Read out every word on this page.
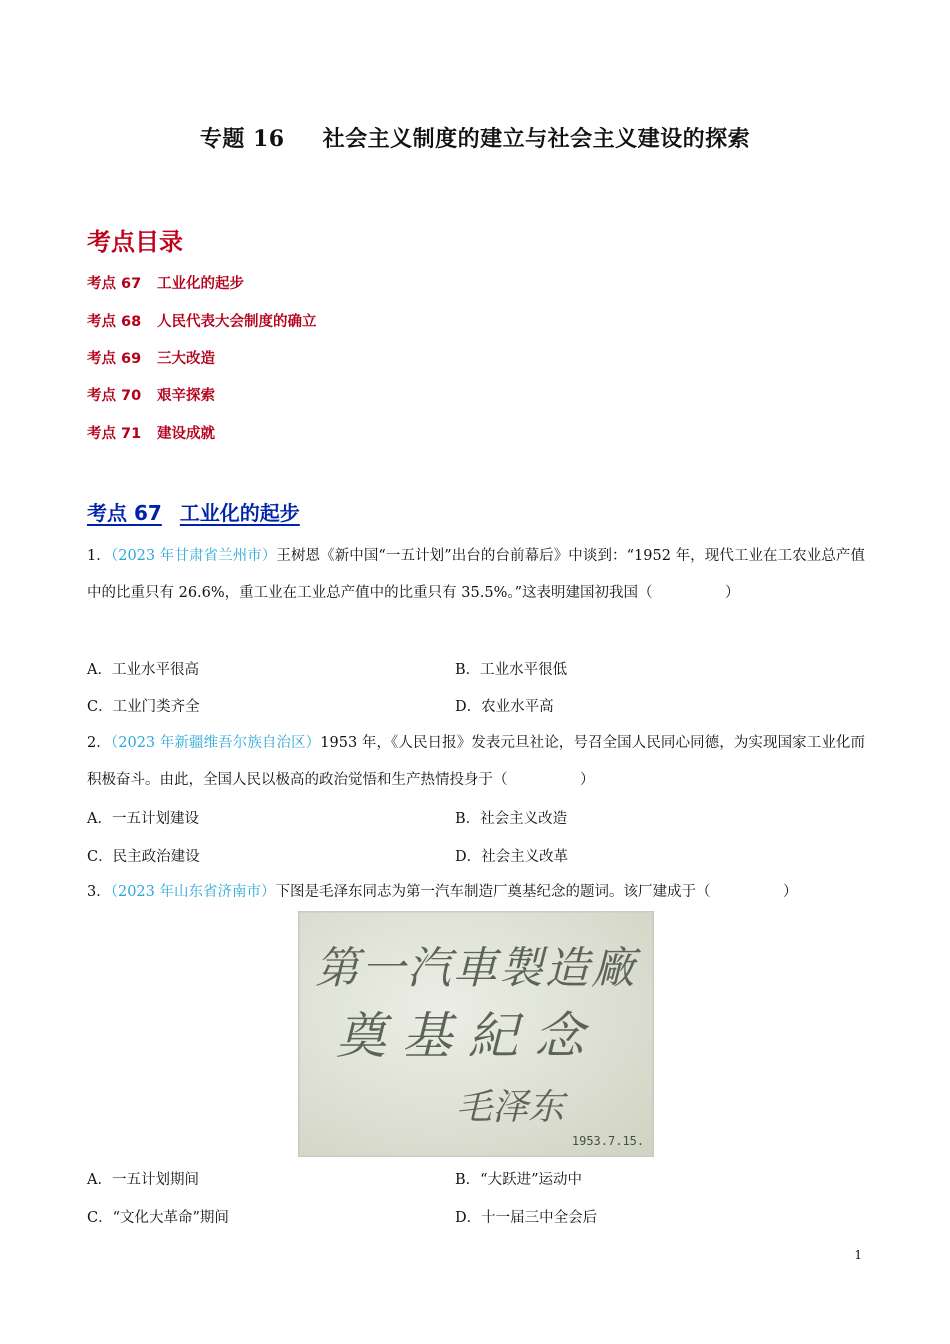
专题 16 社会主义制度的建立与社会主义建设的探索
考点目录
考点 67 工业化的起步
考点 68 人民代表大会制度的确立
考点 69 三大改造
考点 70 艰辛探索
考点 71 建设成就
考点 67 工业化的起步
1．（2023 年甘肃省兰州市）王树恩《新中国“一五计划”出台的台前幕后》中谈到：“1952 年，现代工业在工农业总产值中的比重只有 26.6%，重工业在工业总产值中的比重只有 35.5%。”这表明建国初我国（　　　　　）
A．工业水平很高	B．工业水平很低
C．工业门类齐全	D．农业水平高
2．（2023 年新疆维吾尔族自治区）1953 年，《人民日报》发表元旦社论，号召全国人民同心同德，为实现国家工业化而积极奋斗。由此，全国人民以极高的政治觉悟和生产热情投身于（　　　　　）
A．一五计划建设	B．社会主义改造
C．民主政治建设	D．社会主义改革
3．（2023 年山东省济南市）下图是毛泽东同志为第一汽车制造厂奠基纪念的题词。该厂建成于（　　　　　）
第一汽車製造廠
奠基紀念
毛泽东
1953.7.15.
A．一五计划期间	B．“大跃进”运动中
C．“文化大革命”期间	D．十一届三中全会后
1
